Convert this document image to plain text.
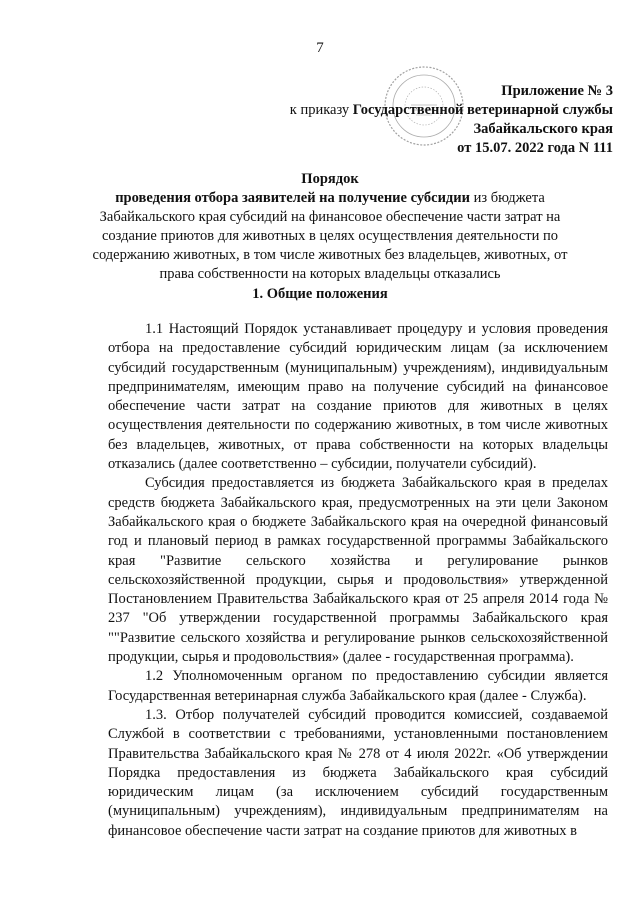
7
Приложение № 3
к приказу Государственной ветеринарной службы
Забайкальского края
от 15.07. 2022 года N 111
Порядок
проведения отбора заявителей на получение субсидии из бюджета Забайкальского края субсидий на финансовое обеспечение части затрат на создание приютов для животных в целях осуществления деятельности по содержанию животных, в том числе животных без владельцев, животных, от права собственности на которых владельцы отказались
1. Общие положения

1.1 Настоящий Порядок устанавливает процедуру и условия проведения отбора на предоставление субсидий юридическим лицам (за исключением субсидий государственным (муниципальным) учреждениям), индивидуальным предпринимателям, имеющим право на получение субсидий на финансовое обеспечение части затрат на создание приютов для животных в целях осуществления деятельности по содержанию животных, в том числе животных без владельцев, животных, от права собственности на которых владельцы отказались (далее соответственно – субсидии, получатели субсидий).

Субсидия предоставляется из бюджета Забайкальского края в пределах средств бюджета Забайкальского края, предусмотренных на эти цели Законом Забайкальского края о бюджете Забайкальского края на очередной финансовый год и плановый период в рамках государственной программы Забайкальского края "Развитие сельского хозяйства и регулирование рынков сельскохозяйственной продукции, сырья и продовольствия» утвержденной Постановлением Правительства Забайкальского края от 25 апреля 2014 года № 237 "Об утверждении государственной программы Забайкальского края ""Развитие сельского хозяйства и регулирование рынков сельскохозяйственной продукции, сырья и продовольствия» (далее - государственная программа).

1.2 Уполномоченным органом по предоставлению субсидии является Государственная ветеринарная служба Забайкальского края (далее - Служба).

1.3. Отбор получателей субсидий проводится комиссией, создаваемой Службой в соответствии с требованиями, установленными постановлением Правительства Забайкальского края № 278 от 4 июля 2022г. «Об утверждении Порядка предоставления из бюджета Забайкальского края субсидий юридическим лицам (за исключением субсидий государственным (муниципальным) учреждениям), индивидуальным предпринимателям на финансовое обеспечение части затрат на создание приютов для животных в
